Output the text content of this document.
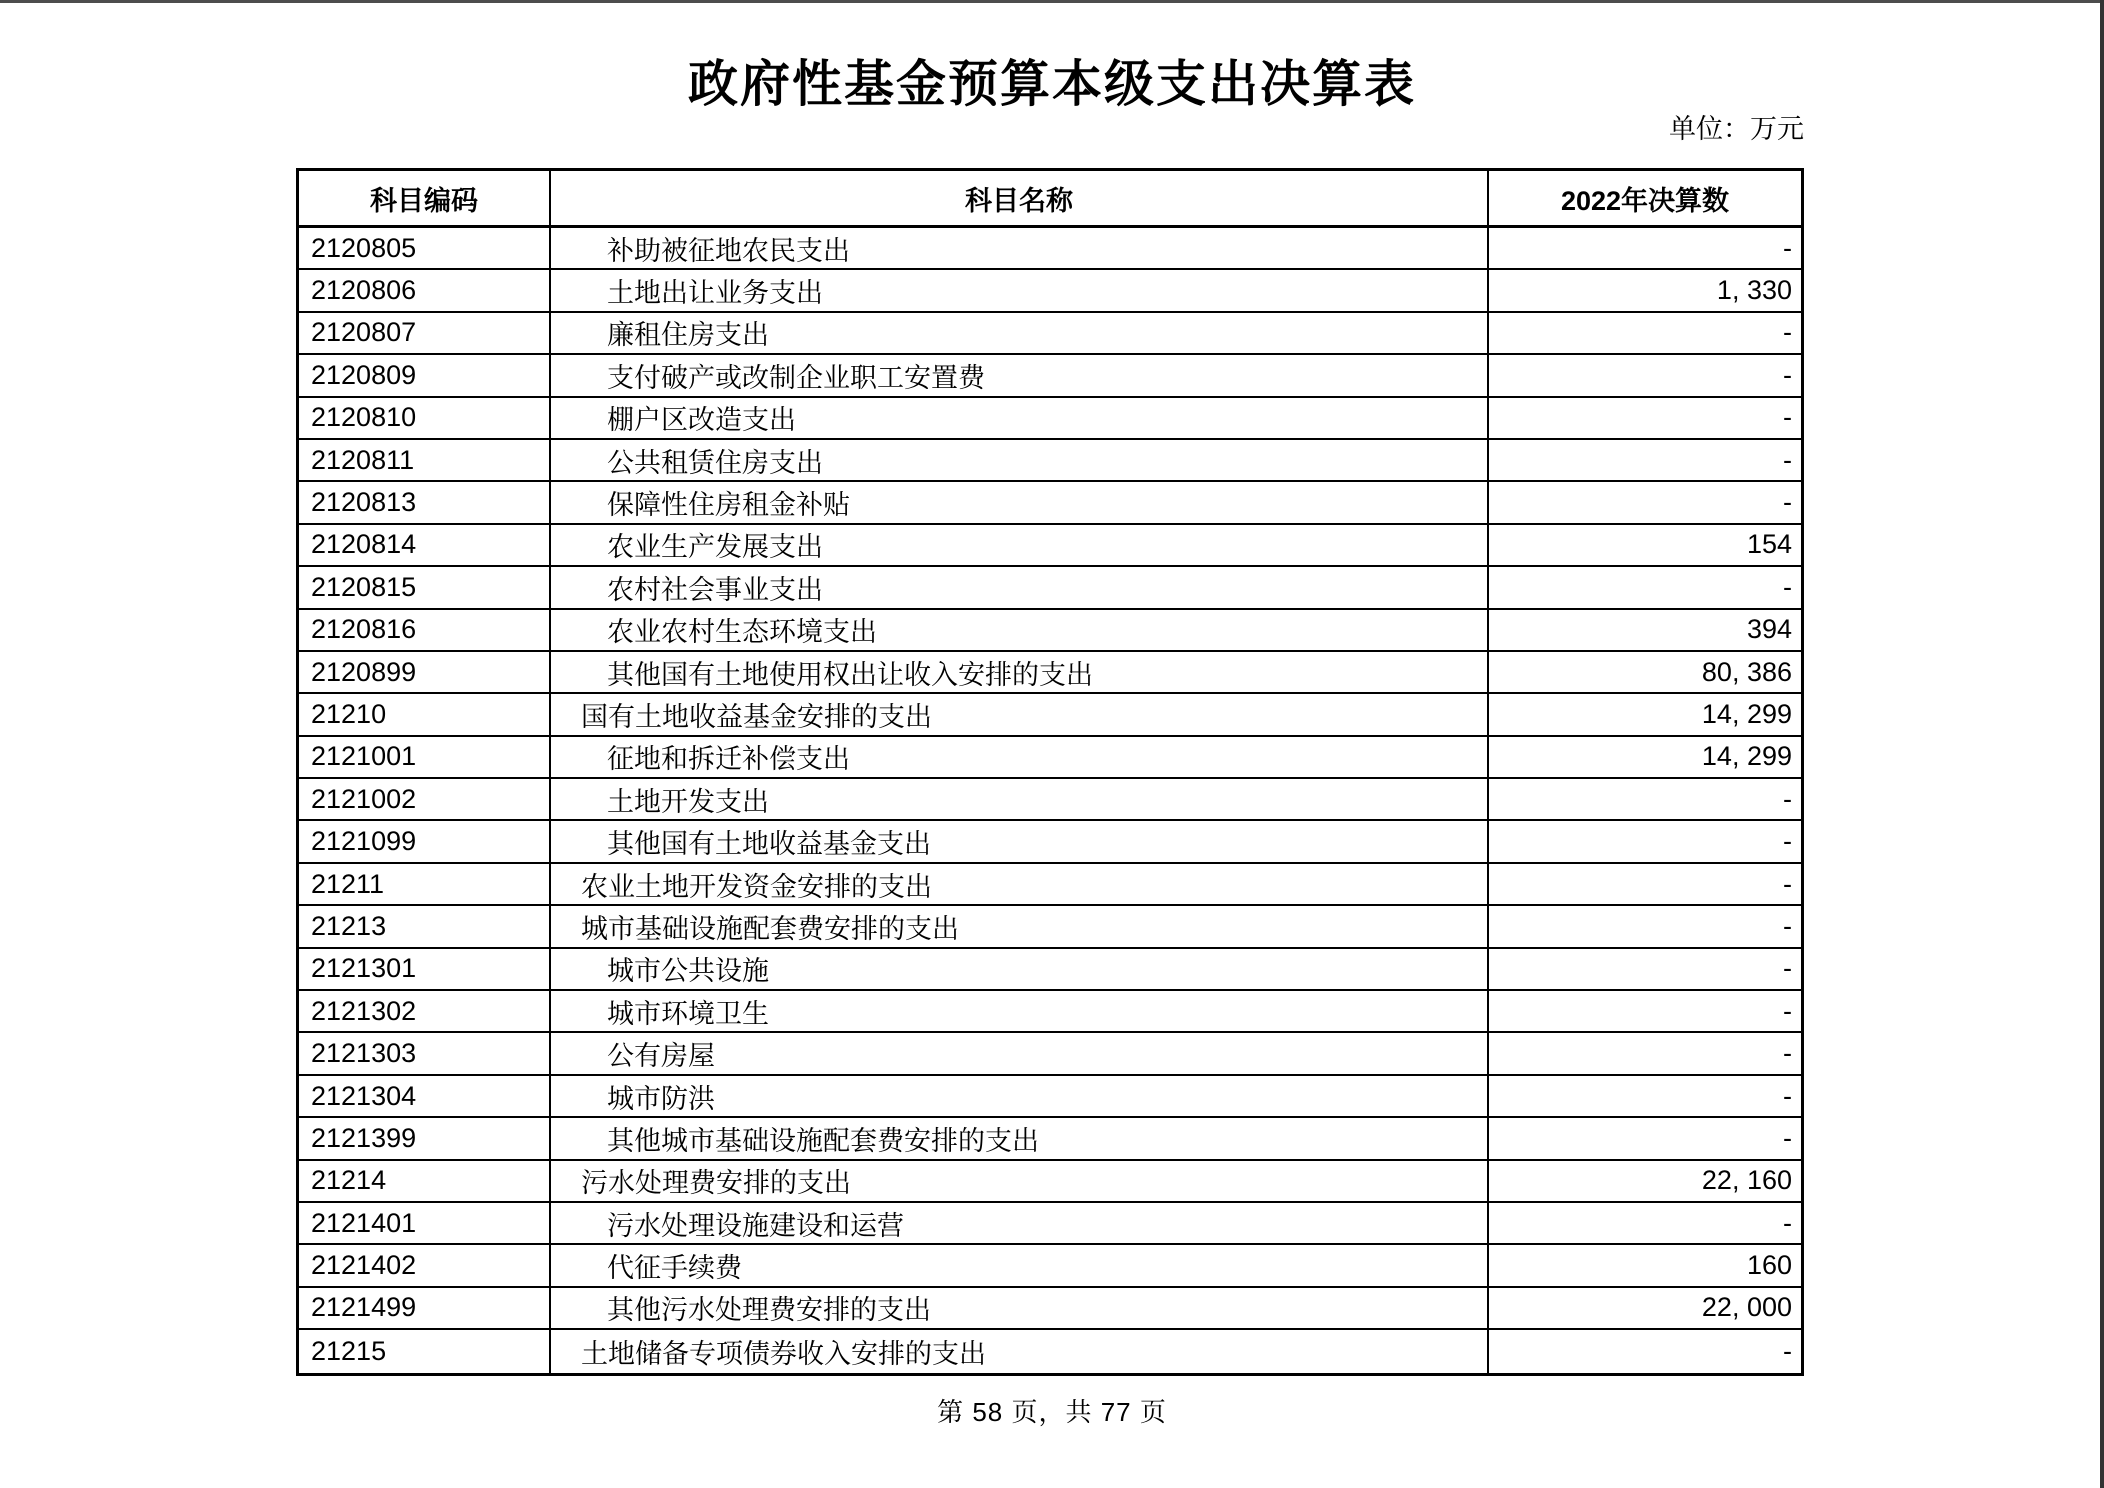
政府性基金预算本级支出决算表
单位：万元
科目编码	科目名称	2022年决算数
2120805	补助被征地农民支出	-
2120806	土地出让业务支出	1, 330
2120807	廉租住房支出	-
2120809	支付破产或改制企业职工安置费	-
2120810	棚户区改造支出	-
2120811	公共租赁住房支出	-
2120813	保障性住房租金补贴	-
2120814	农业生产发展支出	154
2120815	农村社会事业支出	-
2120816	农业农村生态环境支出	394
2120899	其他国有土地使用权出让收入安排的支出	80, 386
21210	国有土地收益基金安排的支出	14, 299
2121001	征地和拆迁补偿支出	14, 299
2121002	土地开发支出	-
2121099	其他国有土地收益基金支出	-
21211	农业土地开发资金安排的支出	-
21213	城市基础设施配套费安排的支出	-
2121301	城市公共设施	-
2121302	城市环境卫生	-
2121303	公有房屋	-
2121304	城市防洪	-
2121399	其他城市基础设施配套费安排的支出	-
21214	污水处理费安排的支出	22, 160
2121401	污水处理设施建设和运营	-
2121402	代征手续费	160
2121499	其他污水处理费安排的支出	22, 000
21215	土地储备专项债券收入安排的支出	-
第 58 页，共 77 页
